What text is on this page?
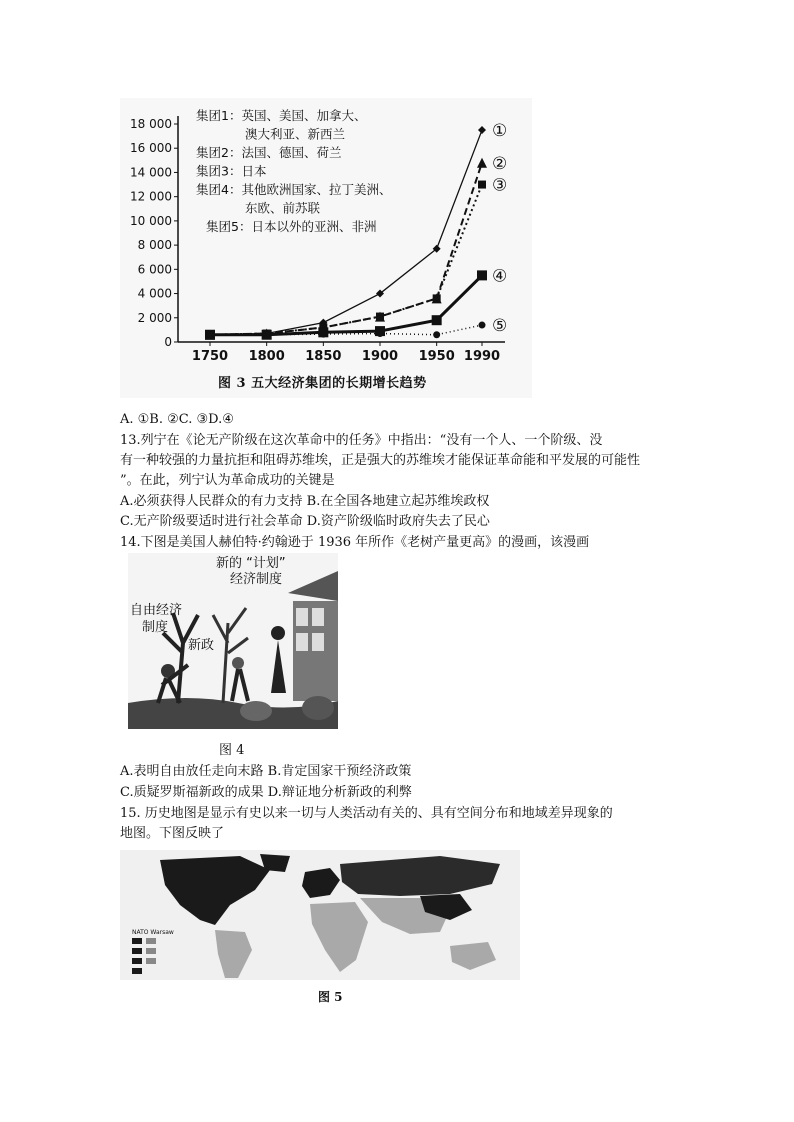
0
2 000
4 000
6 000
8 000
10 000
12 000
14 000
16 000
18 000
1750 1800 1850 1900 1950 1990
①
②
③
④
⑤
集团1：英国、美国、加拿大、
澳大利亚、新西兰
集团2：法国、德国、荷兰
集团3：日本
集团4：其他欧洲国家、拉丁美洲、
东欧、前苏联
集团5：日本以外的亚洲、非洲
图 3 五大经济集团的长期增长趋势
A. ①B. ②C. ③D.④
13.列宁在《论无产阶级在这次革命中的任务》中指出：“没有一个人、一个阶级、没
有一种较强的力量抗拒和阻碍苏维埃，正是强大的苏维埃才能保证革命能和平发展的可能性
”。在此，列宁认为革命成功的关键是
A.必须获得人民群众的有力支持 B.在全国各地建立起苏维埃政权
C.无产阶级要适时进行社会革命 D.资产阶级临时政府失去了民心
14.下图是美国人赫伯特·约翰逊于 1936 年所作《老树产量更高》的漫画，该漫画
新的 “计划”
经济制度
自由经济
制度
新政
图 4
A.表明自由放任走向末路 B.肯定国家干预经济政策
C.质疑罗斯福新政的成果 D.辩证地分析新政的利弊
15. 历史地图是显示有史以来一切与人类活动有关的、具有空间分布和地域差异现象的
地图。下图反映了
NATO Warsaw
图 5
